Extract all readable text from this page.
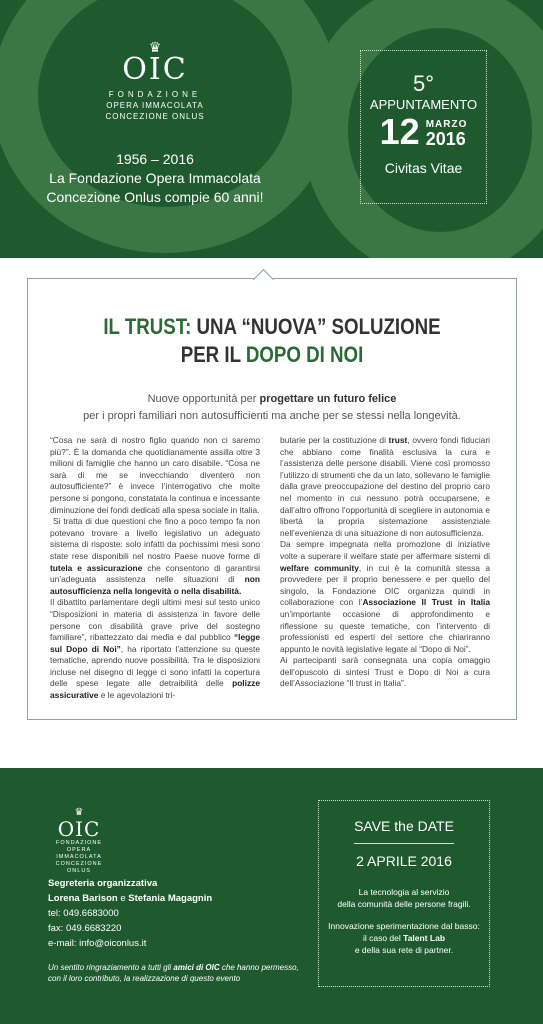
♛
OIC
FONDAZIONE
OPERA IMMACOLATA
CONCEZIONE ONLUS
1956 – 2016
La Fondazione Opera Immacolata
Concezione Onlus compie 60 anni!
5°
APPUNTAMENTO
12 MARZO
2016
Civitas Vitae
IL TRUST: UNA “NUOVA” SOLUZIONE
PER IL DOPO DI NOI
Nuove opportunità per progettare un futuro felice
per i propri familiari non autosufficienti ma anche per se stessi nella longevità.

“Cosa ne sarà di nostro figlio quando non ci saremo più?”. È la domanda che quotidianamente assilla oltre 3 milioni di famiglie che hanno un caro disabile. “Cosa ne sarà di me se invecchiando diventerò non autosufficiente?” è invece l’interrogativo che molte persone si pongono, constatata la continua e incessante diminuzione dei fondi dedicati alla spesa sociale in Italia.

Si tratta di due questioni che fino a poco tempo fa non potevano trovare a livello legislativo un adeguato sistema di risposte: solo infatti da pochissimi mesi sono state rese disponibili nel nostro Paese nuove forme di tutela e assicurazione che consentono di garantirsi un’adeguata assistenza nelle situazioni di non autosufficienza nella longevità o nella disabilità.

Il dibattito parlamentare degli ultimi mesi sul testo unico “Disposizioni in materia di assistenza in favore delle persone con disabilità grave prive del sostegno familiare”, ribattezzato dai media e dal pubblico “legge sul Dopo di Noi”, ha riportato l’attenzione su queste tematiche, aprendo nuove possibilità. Tra le disposizioni incluse nel disegno di legge ci sono infatti la copertura delle spese legate alle detraibilità delle polizze assicurative e le agevolazioni tri-

butarie per la costituzione di trust, ovvero fondi fiduciari che abbiano come finalità esclusiva la cura e l’assistenza delle persone disabili. Viene così promosso l’utilizzo di strumenti che da un lato, sollevano le famiglie dalla grave preoccupazione del destino del proprio caro nel momento in cui nessuno potrà occuparsene, e dall’altro offrono l’opportunità di scegliere in autonomia e libertà la propria sistemazione assistenziale nell’evenienza di una situazione di non autosufficienza.

Da sempre impegnata nella promozione di iniziative volte a superare il welfare state per affermare sistemi di welfare community, in cui è la comunità stessa a provvedere per il proprio benessere e per quello del singolo, la Fondazione OIC organizza quindi in collaborazione con l’Associazione Il Trust in Italia un’importante occasione di approfondimento e riflessione su queste tematiche, con l’intervento di professionisti ed esperti del settore che chiariranno appunto le novità legislative legate al “Dopo di Noi”.

Ai partecipanti sarà consegnata una copia omaggio dell’opuscolo di sintesi Trust e Dopo di Noi a cura dell’Associazione “Il trust in Italia”.

♛
OIC
FONDAZIONE
OPERA IMMACOLATA
CONCEZIONE ONLUS
Segreteria organizzativa
Lorena Barison e Stefania Magagnin
tel: 049.6683000
fax: 049.6683220
e-mail: info@oiconlus.it
Un sentito ringraziamento a tutti gli amici di OIC che hanno permesso, con il loro contributo, la realizzazione di questo evento
SAVE the DATE
2 APRILE 2016
La tecnologia al servizio
della comunità delle persone fragili.
Innovazione sperimentazione dal basso:
il caso del Talent Lab
e della sua rete di partner.
